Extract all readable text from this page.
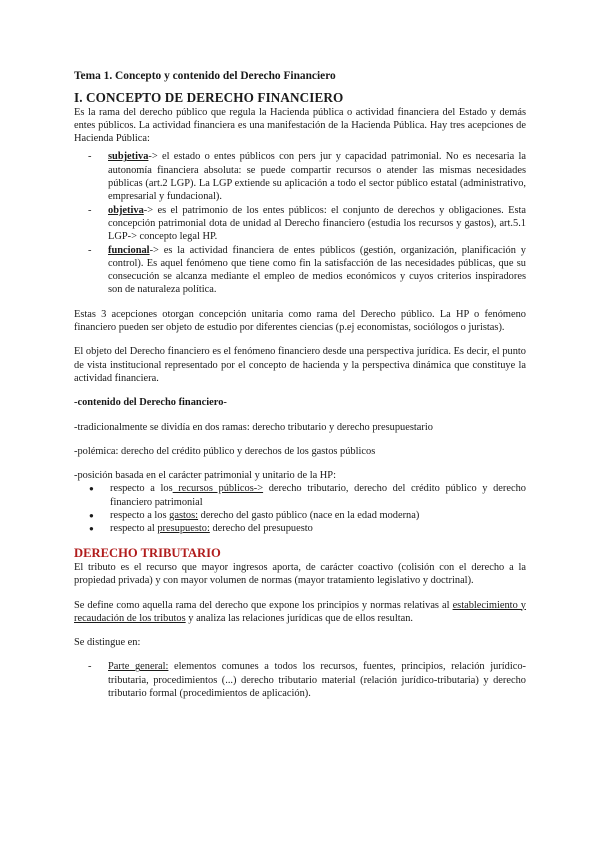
Tema 1. Concepto y contenido del Derecho Financiero
I. CONCEPTO DE DERECHO FINANCIERO

Es la rama del derecho público que regula la Hacienda pública o actividad financiera del Estado y demás entes públicos. La actividad financiera es una manifestación de la Hacienda Pública. Hay tres acepciones de Hacienda Pública:

- subjetiva-> el estado o entes públicos con pers jur y capacidad patrimonial. No es necesaria la autonomía financiera absoluta: se puede compartir recursos o atender las mismas necesidades públicas (art.2 LGP). La LGP extiende su aplicación a todo el sector público estatal (administrativo, empresarial y fundacional).
- objetiva-> es el patrimonio de los entes públicos: el conjunto de derechos y obligaciones. Esta concepción patrimonial dota de unidad al Derecho financiero (estudia los recursos y gastos), art.5.1 LGP-> concepto legal HP.
- funcional-> es la actividad financiera de entes públicos (gestión, organización, planificación y control). Es aquel fenómeno que tiene como fin la satisfacción de las necesidades públicas, que su consecución se alcanza mediante el empleo de medios económicos y cuyos criterios inspiradores son de naturaleza política.

Estas 3 acepciones otorgan concepción unitaria como rama del Derecho público. La HP o fenómeno financiero pueden ser objeto de estudio por diferentes ciencias (p.ej economistas, sociólogos o juristas).

El objeto del Derecho financiero es el fenómeno financiero desde una perspectiva jurídica. Es decir, el punto de vista institucional representado por el concepto de hacienda y la perspectiva dinámica que constituye la actividad financiera.

-contenido del Derecho financiero-

-tradicionalmente se dividía en dos ramas: derecho tributario y derecho presupuestario

-polémica: derecho del crédito público y derechos de los gastos públicos

-posición basada en el carácter patrimonial y unitario de la HP:

● respecto a los recursos públicos-> derecho tributario, derecho del crédito público y derecho financiero patrimonial
● respecto a los gastos: derecho del gasto público (nace en la edad moderna)
● respecto al presupuesto: derecho del presupuesto
DERECHO TRIBUTARIO

El tributo es el recurso que mayor ingresos aporta, de carácter coactivo (colisión con el derecho a la propiedad privada) y con mayor volumen de normas (mayor tratamiento legislativo y doctrinal).

Se define como aquella rama del derecho que expone los principios y normas relativas al establecimiento y recaudación de los tributos y analiza las relaciones jurídicas que de ellos resultan.

Se distingue en:

- Parte general: elementos comunes a todos los recursos, fuentes, principios, relación jurídico-tributaria, procedimientos (...) derecho tributario material (relación jurídico-tributaria) y derecho tributario formal (procedimientos de aplicación).
